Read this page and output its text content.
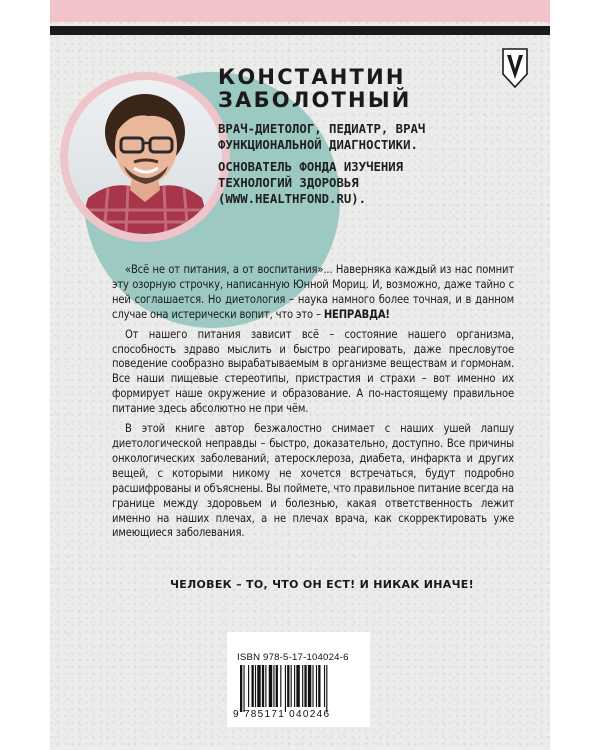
КОНСТАНТИН

ЗАБОЛОТНЫЙ

ВРАЧ-ДИЕТОЛОГ, ПЕДИАТР, ВРАЧ

ФУНКЦИОНАЛЬНОЙ ДИАГНОСТИКИ.

ОСНОВАТЕЛЬ ФОНДА ИЗУЧЕНИЯ

ТЕХНОЛОГИЙ ЗДОРОВЬЯ

(WWW.HEALTHFOND.RU).

«Всё не от питания, а от воспитания»... Наверняка каждый из нас помнит эту озорную строчку, написанную Юнной Мориц. И, возможно, даже тайно с ней соглашается. Но диетология – наука намного более точная, и в данном случае она истерически вопит, что это – НЕПРАВДА!

От нашего питания зависит всё – состояние нашего организма, способность здраво мыслить и быстро реагировать, даже пресловутое поведение сообразно вырабатываемым в организме веществам и гормонам. Все наши пищевые стереотипы, пристрастия и страхи – вот именно их формирует наше окружение и образование. А по-настоящему правильное питание здесь абсолютно не при чём.

В этой книге автор безжалостно снимает с наших ушей лапшу диетологической неправды – быстро, доказательно, доступно. Все причины онкологических заболеваний, атеросклероза, диабета, инфаркта и других вещей, с которыми никому не хочется встречаться, будут подробно расшифрованы и объяснены. Вы поймете, что правильное питание всегда на границе между здоровьем и болезнью, какая ответственность лежит именно на наших плечах, а не плечах врача, как скорректировать уже имеющиеся заболевания.

ЧЕЛОВЕК – ТО, ЧТО ОН ЕСТ! И НИКАК ИНАЧЕ!
ISBN 978-5-17-104024-6
9 785171 040246
